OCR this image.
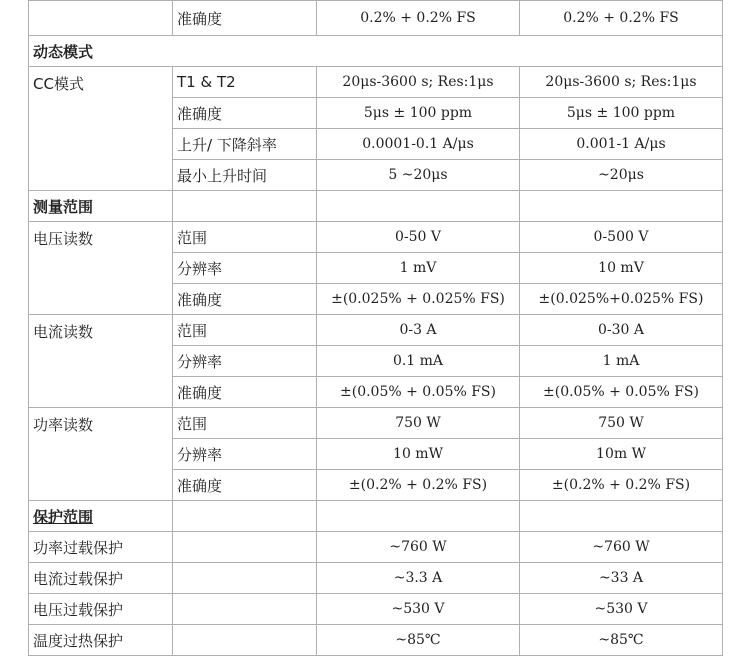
	准确度	0.2% + 0.2% FS	0.2% + 0.2% FS
动态模式			
CC模式	T1 & T2	20μs-3600 s; Res:1μs	20μs-3600 s; Res:1μs
	准确度	5μs ± 100 ppm	5μs ± 100 ppm
	上升/ 下降斜率	0.0001-0.1 A/μs	0.001-1 A/μs
	最小上升时间	5 ~20μs	~20μs
测量范围			
电压读数	范围	0-50 V	0-500 V
	分辨率	1 mV	10 mV
	准确度	±(0.025% + 0.025% FS)	±(0.025%+0.025% FS)
电流读数	范围	0-3 A	0-30 A
	分辨率	0.1 mA	1 mA
	准确度	±(0.05% + 0.05% FS)	±(0.05% + 0.05% FS)
功率读数	范围	750 W	750 W
	分辨率	10 mW	10m W
	准确度	±(0.2% + 0.2% FS)	±(0.2% + 0.2% FS)
保护范围			
功率过载保护		~760 W	~760 W
电流过载保护		~3.3 A	~33 A
电压过载保护		~530 V	~530 V
温度过热保护		~85℃	~85℃
